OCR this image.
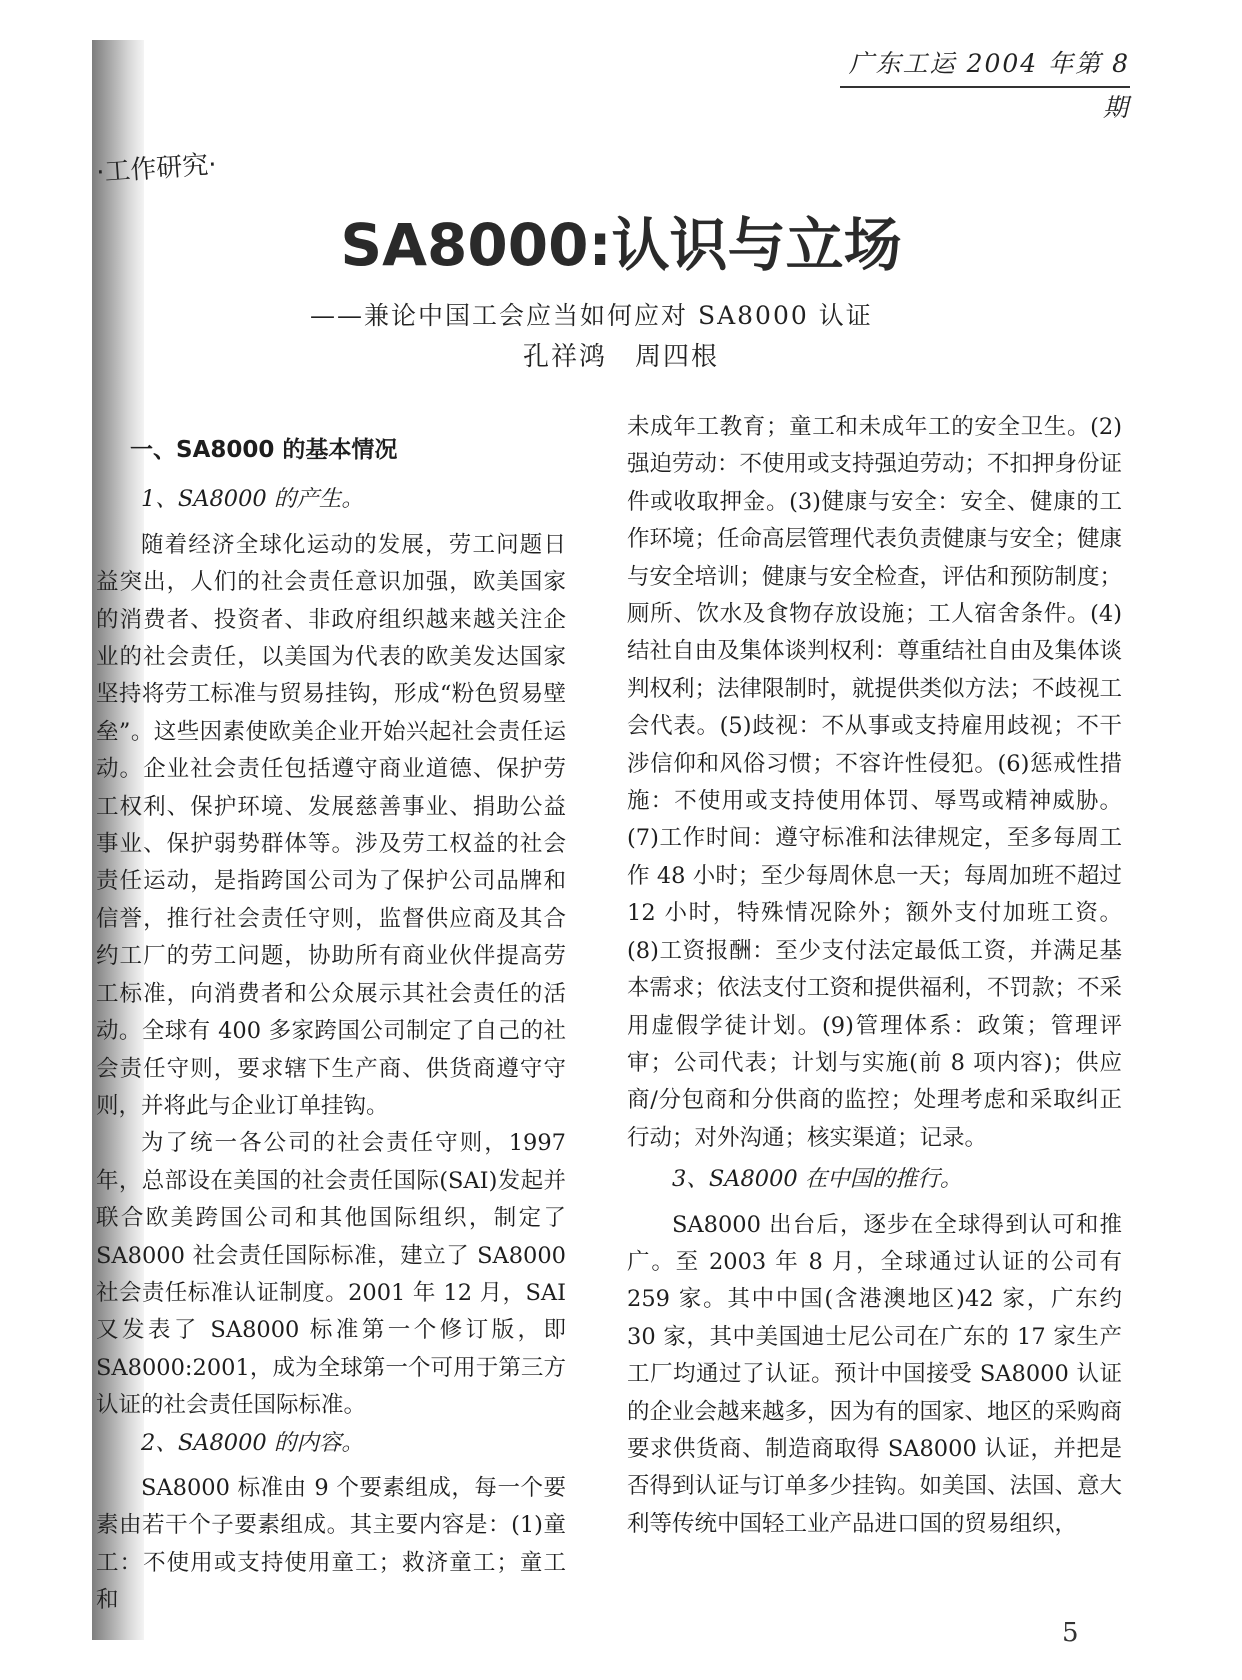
广东工运 2004 年第 8 期
·工作研究·
SA8000:认识与立场
——兼论中国工会应当如何应对 SA8000 认证
孔祥鸿　周四根

一、SA8000 的基本情况

1、SA8000 的产生。

随着经济全球化运动的发展，劳工问题日益突出，人们的社会责任意识加强，欧美国家的消费者、投资者、非政府组织越来越关注企业的社会责任，以美国为代表的欧美发达国家坚持将劳工标准与贸易挂钩，形成“粉色贸易壁垒”。这些因素使欧美企业开始兴起社会责任运动。企业社会责任包括遵守商业道德、保护劳工权利、保护环境、发展慈善事业、捐助公益事业、保护弱势群体等。涉及劳工权益的社会责任运动，是指跨国公司为了保护公司品牌和信誉，推行社会责任守则，监督供应商及其合约工厂的劳工问题，协助所有商业伙伴提高劳工标准，向消费者和公众展示其社会责任的活动。全球有 400 多家跨国公司制定了自己的社会责任守则，要求辖下生产商、供货商遵守守则，并将此与企业订单挂钩。

为了统一各公司的社会责任守则，1997 年，总部设在美国的社会责任国际(SAI)发起并联合欧美跨国公司和其他国际组织，制定了 SA8000 社会责任国际标准，建立了 SA8000 社会责任标准认证制度。2001 年 12 月，SAI 又发表了 SA8000 标准第一个修订版，即 SA8000:2001，成为全球第一个可用于第三方认证的社会责任国际标准。

2、SA8000 的内容。

SA8000 标准由 9 个要素组成，每一个要素由若干个子要素组成。其主要内容是：(1)童工：不使用或支持使用童工；救济童工；童工和

未成年工教育；童工和未成年工的安全卫生。(2)强迫劳动：不使用或支持强迫劳动；不扣押身份证件或收取押金。(3)健康与安全：安全、健康的工作环境；任命高层管理代表负责健康与安全；健康与安全培训；健康与安全检查，评估和预防制度；厕所、饮水及食物存放设施；工人宿舍条件。(4)结社自由及集体谈判权利：尊重结社自由及集体谈判权利；法律限制时，就提供类似方法；不歧视工会代表。(5)歧视：不从事或支持雇用歧视；不干涉信仰和风俗习惯；不容许性侵犯。(6)惩戒性措施：不使用或支持使用体罚、辱骂或精神威胁。(7)工作时间：遵守标准和法律规定，至多每周工作 48 小时；至少每周休息一天；每周加班不超过 12 小时，特殊情况除外；额外支付加班工资。(8)工资报酬：至少支付法定最低工资，并满足基本需求；依法支付工资和提供福利，不罚款；不采用虚假学徒计划。(9)管理体系：政策；管理评审；公司代表；计划与实施(前 8 项内容)；供应商/分包商和分供商的监控；处理考虑和采取纠正行动；对外沟通；核实渠道；记录。

3、SA8000 在中国的推行。

SA8000 出台后，逐步在全球得到认可和推广。至 2003 年 8 月，全球通过认证的公司有 259 家。其中中国(含港澳地区)42 家，广东约 30 家，其中美国迪士尼公司在广东的 17 家生产工厂均通过了认证。预计中国接受 SA8000 认证的企业会越来越多，因为有的国家、地区的采购商要求供货商、制造商取得 SA8000 认证，并把是否得到认证与订单多少挂钩。如美国、法国、意大利等传统中国轻工业产品进口国的贸易组织，

5
